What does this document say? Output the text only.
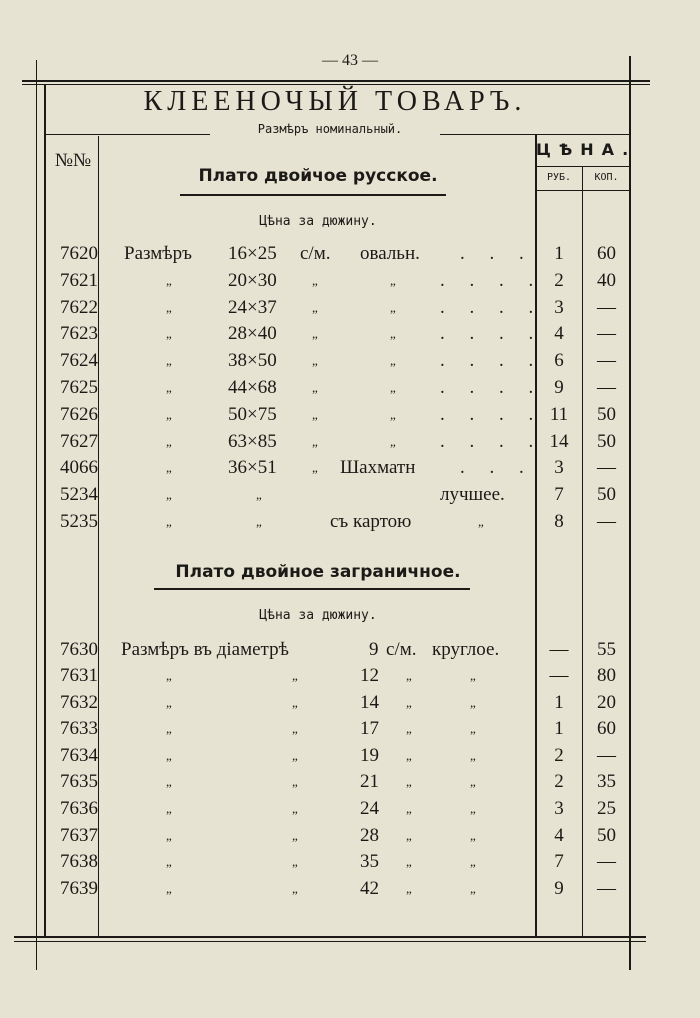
— 43 —
КЛЕЕНОЧЫЙ ТОВАРЪ.
Размѣръ номинальный.
№№
ЦѢНА.
РУБ.	КОП.
Плато двойчое русское.
Цѣна за дюжину.
7620 Размѣръ 16×25 с/м. овальн. . . .	1	60
7621	„	20×30	„	„ . . . . 2	40
7622	„	24×37	„	„ . . . . 3	—
7623	„	28×40	„	„ . . . . 4	—
7624	„	38×50	„	„ . . . . 6	—
7625	„	44×68	„	„ . . . . 9	—
7626	„	50×75	„	„ . . . . 11	50
7627	„	63×85	„	„ . . . . 14	50
4066	„	36×51	„ Шахматн . . .	3	—
5234	„	„	лучшее.	7	50
5235	„	„	съ картою	„	8	—
Плато двойное заграничное.
Цѣна за дюжину.
7630 Размѣръ въ діаметрѣ	9 с/м. круглое.	—	55
7631	„	„	12 „	„	—	80
7632	„	„	14 „	„	1	20
7633	„	„	17 „	„	1	60
7634	„	„	19 „	„	2	—
7635	„	„	21 „	„	2	35
7636	„	„	24 „	„	3	25
7637	„	„	28 „	„	4	50
7638	„	„	35 „	„	7	—
7639	„	„	42 „	„	9	—
